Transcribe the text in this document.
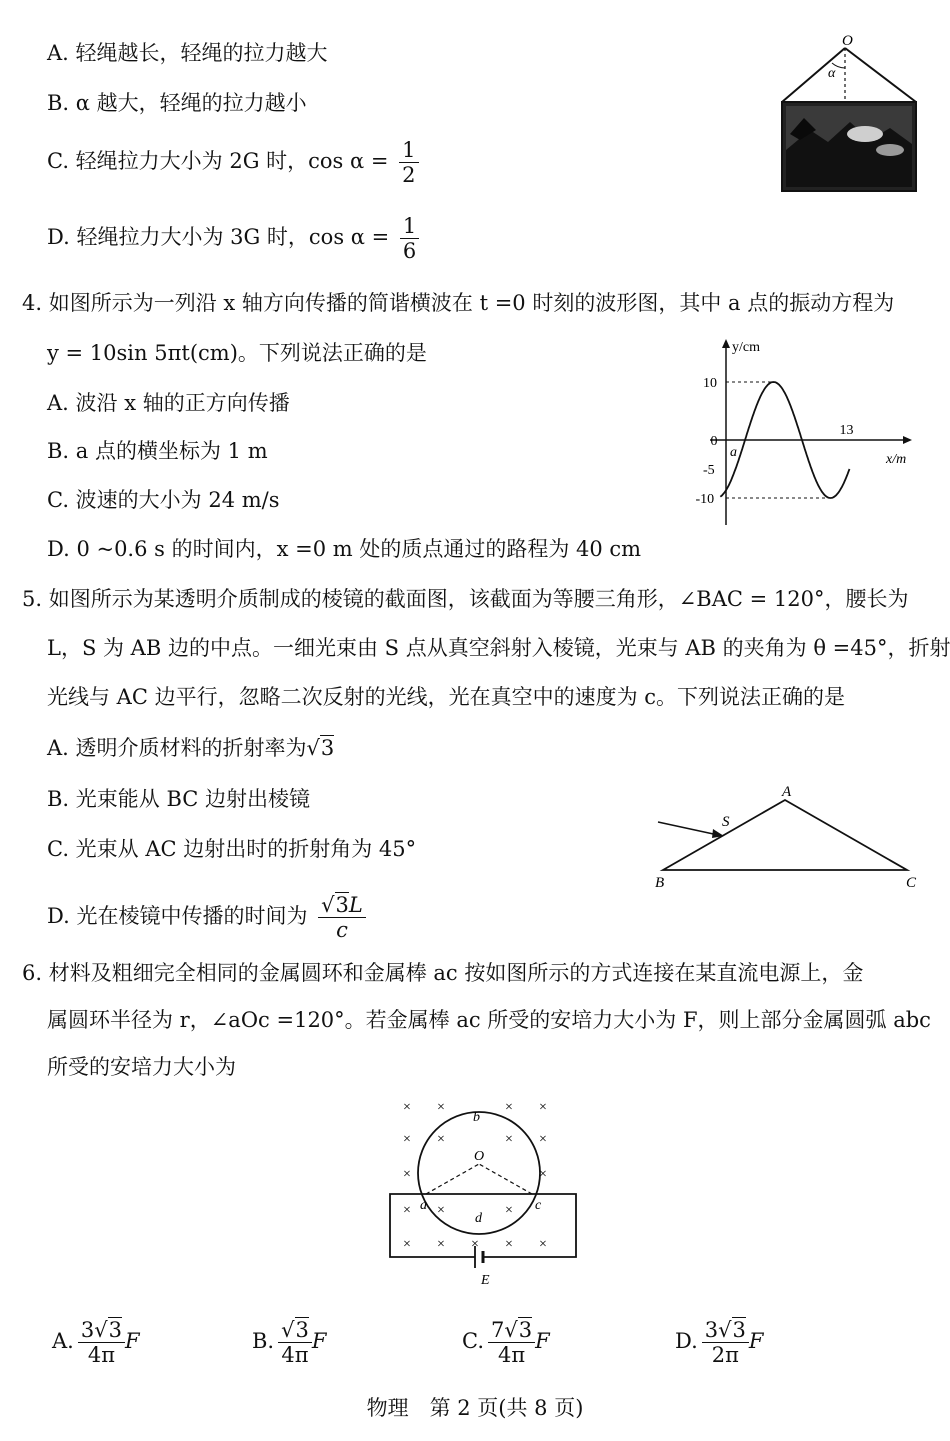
A. 轻绳越长，轻绳的拉力越大
B. α 越大，轻绳的拉力越小
C. 轻绳拉力大小为 2G 时，$\cos \alpha = \frac{1}{2}$
D. 轻绳拉力大小为 3G 时，$\cos \alpha = \frac{1}{6}$
O
α
4. 如图所示为一列沿 x 轴方向传播的简谐横波在 t =0 时刻的波形图，其中 a 点的振动方程为
y = 10sin 5πt(cm)。下列说法正确的是
A. 波沿 x 轴的正方向传播
B. a 点的横坐标为 1 m
C. 波速的大小为 24 m/s
D. 0 ~0.6 s 的时间内，x =0 m 处的质点通过的路程为 40 cm
y/cm
x/m
10
0
-5
-10
a
13
5. 如图所示为某透明介质制成的棱镜的截面图，该截面为等腰三角形，∠BAC = 120°，腰长为
L，S 为 AB 边的中点。一细光束由 S 点从真空斜射入棱镜，光束与 AB 的夹角为 θ =45°，折射
光线与 AC 边平行，忽略二次反射的光线，光在真空中的速度为 c。下列说法正确的是
A. 透明介质材料的折射率为√3
B. 光束能从 BC 边射出棱镜
C. 光束从 AC 边射出时的折射角为 45°
D. 光在棱镜中传播的时间为 $\frac{√3L}{c}$
A
B	C
S
6. 材料及粗细完全相同的金属圆环和金属棒 ac 按如图所示的方式连接在某直流电源上，金
属圆环半径为 r，∠aOc =120°。若金属棒 ac 所受的安培力大小为 F，则上部分金属圆弧 abc
所受的安培力大小为
× ×	× ×
× ×	× ×
×	×
× ×	×
× × × × ×
b
O
a	c
d
E
A. $\frac{3√3}{4\pi}$ F	B. $\frac{√3}{4\pi}$ F	C. $\frac{7√3}{4\pi}$ F	D. $\frac{3√3}{2\pi}$ F
物理　第 2 页(共 8 页)
